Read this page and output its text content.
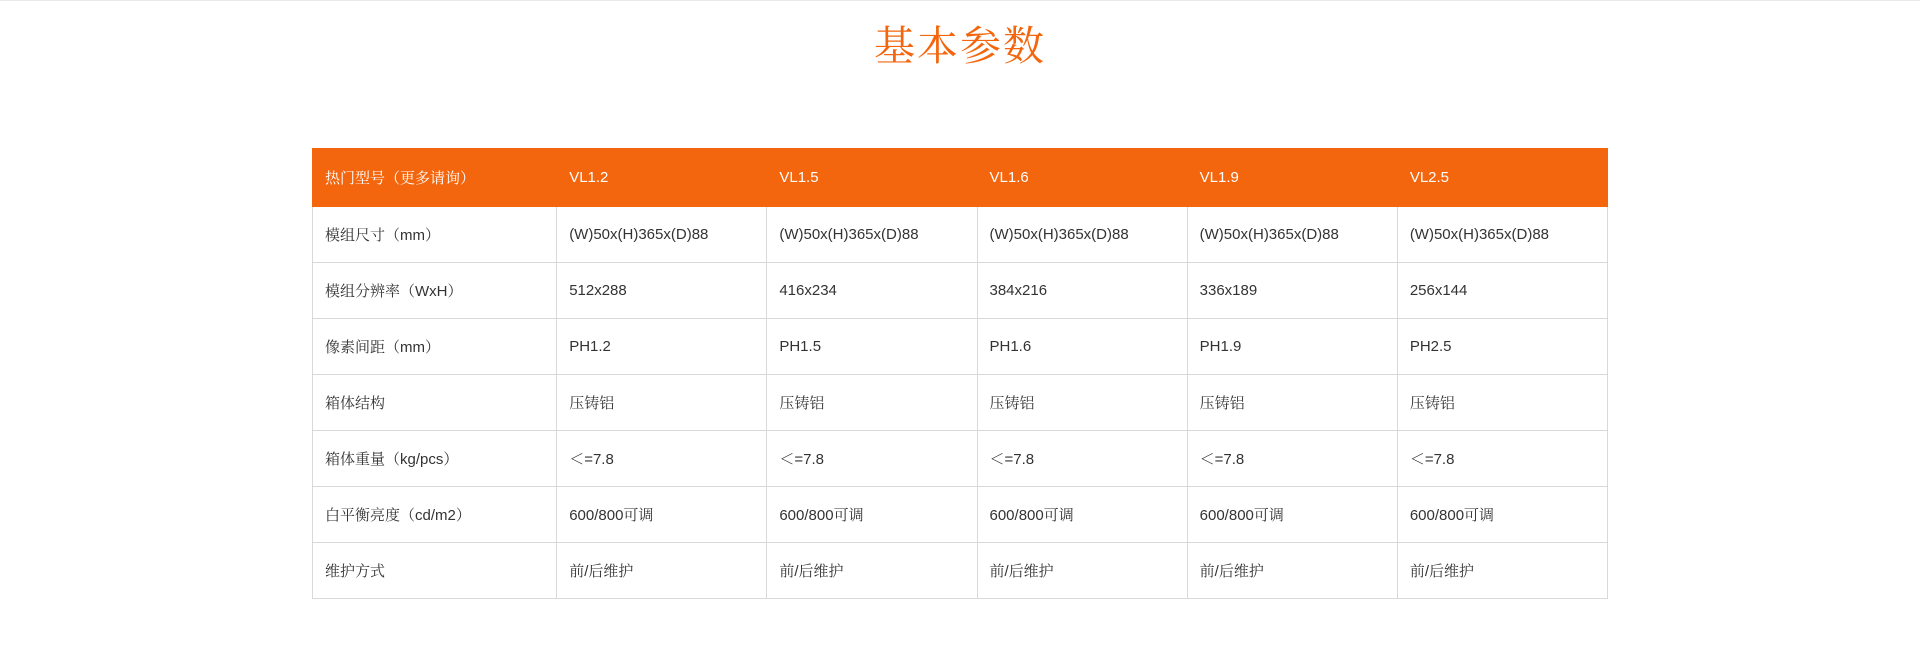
基本参数
热门型号（更多请询）	VL1.2	VL1.5	VL1.6	VL1.9	VL2.5
模组尺寸（mm）	(W)50x(H)365x(D)88	(W)50x(H)365x(D)88	(W)50x(H)365x(D)88	(W)50x(H)365x(D)88	(W)50x(H)365x(D)88
模组分辨率（WxH）	512x288	416x234	384x216	336x189	256x144
像素间距（mm）	PH1.2	PH1.5	PH1.6	PH1.9	PH2.5
箱体结构	压铸铝	压铸铝	压铸铝	压铸铝	压铸铝
箱体重量（kg/pcs）	＜=7.8	＜=7.8	＜=7.8	＜=7.8	＜=7.8
白平衡亮度（cd/m2）	600/800可调	600/800可调	600/800可调	600/800可调	600/800可调
维护方式	前/后维护	前/后维护	前/后维护	前/后维护	前/后维护
